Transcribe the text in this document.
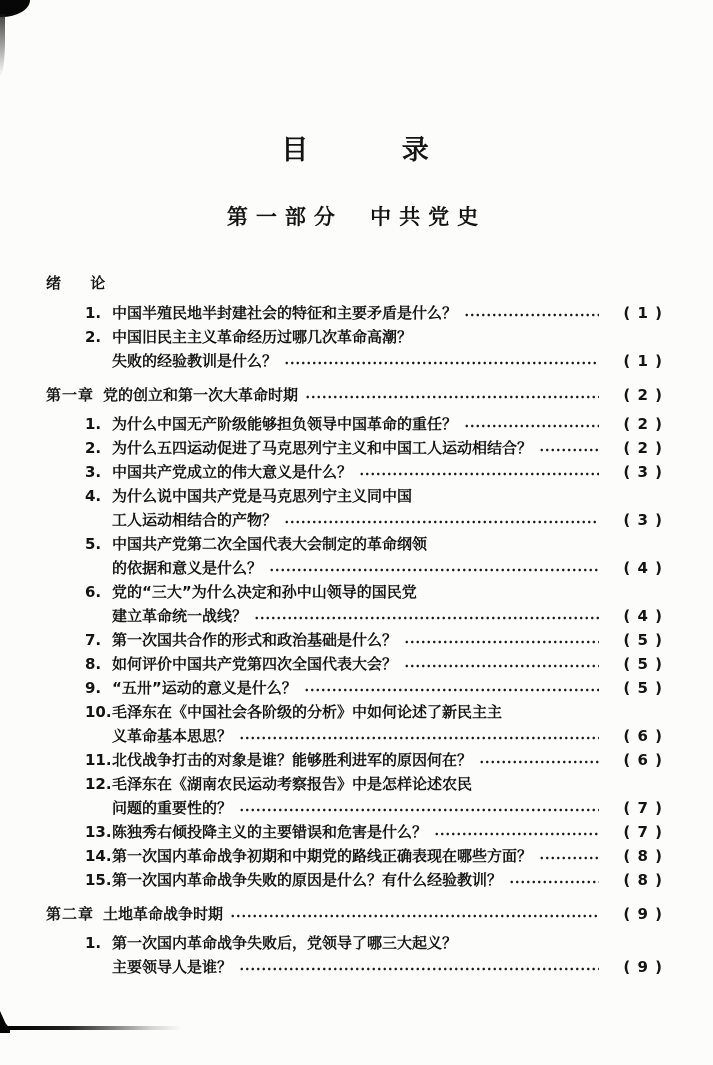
目 录
第一部分 中共党史
绪 论
1. 中国半殖民地半封建社会的特征和主要矛盾是什么？	( 1 )
2. 中国旧民主主义革命经历过哪几次革命高潮？
失败的经验教训是什么？	( 1 )
第一章 党的创立和第一次大革命时期	( 2 )
1. 为什么中国无产阶级能够担负领导中国革命的重任？	( 2 )
2. 为什么五四运动促进了马克思列宁主义和中国工人运动相结合？	( 2 )
3. 中国共产党成立的伟大意义是什么？	( 3 )
4. 为什么说中国共产党是马克思列宁主义同中国
工人运动相结合的产物？	( 3 )
5. 中国共产党第二次全国代表大会制定的革命纲领
的依据和意义是什么？	( 4 )
6. 党的“三大”为什么决定和孙中山领导的国民党
建立革命统一战线？	( 4 )
7. 第一次国共合作的形式和政治基础是什么？	( 5 )
8. 如何评价中国共产党第四次全国代表大会？	( 5 )
9. “五卅”运动的意义是什么？	( 5 )
10. 毛泽东在《中国社会各阶级的分析》中如何论述了新民主主
义革命基本思思？	( 6 )
11. 北伐战争打击的对象是谁？能够胜利进军的原因何在？	( 6 )
12. 毛泽东在《湖南农民运动考察报告》中是怎样论述农民
问题的重要性的？	( 7 )
13. 陈独秀右倾投降主义的主要错误和危害是什么？	( 7 )
14. 第一次国内革命战争初期和中期党的路线正确表现在哪些方面？	( 8 )
15. 第一次国内革命战争失败的原因是什么？有什么经验教训？	( 8 )
第二章 土地革命战争时期	( 9 )
1. 第一次国内革命战争失败后，党领导了哪三大起义？
主要领导人是谁？	( 9 )
